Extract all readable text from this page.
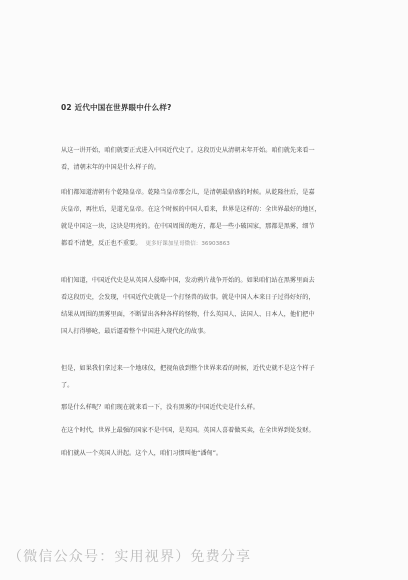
02 近代中国在世界眼中什么样?
从这一讲开始，咱们就要正式进入中国近代史了。这段历史从清朝末年开始。咱们就先来看一
看，清朝末年的中国是什么样子的。
咱们都知道清朝有个乾隆皇帝。乾隆当皇帝那会儿，是清朝最鼎盛的时候。从乾隆往后，是嘉
庆皇帝，再往后，是道光皇帝。在这个时候的中国人看来，世界是这样的：全世界最好的地区，
就是中国这一块，这块是明亮的。在中国周围的地方，都是一些小破国家，那都是黑雾，细节
都看不清楚，反正也不重要。 更多好课加星哥微信：36903863
咱们知道，中国近代史是从英国人侵略中国，发动鸦片战争开始的。如果咱们站在黑雾里面去
看这段历史，会发现，中国近代史就是一个打怪兽的故事。就是中国人本来日子过得好好的，
结果从周围的黑雾里面，不断冒出各种各样的怪物，什么英国人、法国人、日本人，他们把中
国人打得够呛，最后逼着整个中国进入现代化的故事。
但是，如果我们拿过来一个地球仪，把视角放到整个世界来看的时候，近代史就不是这个样子
了。
那是什么样呢？咱们现在就来看一下，没有黑雾的中国近代史是什么样。
在这个时代，世界上最强的国家不是中国，是英国。英国人喜着做买卖，在全世界到处发财。
咱们就从一个英国人讲起。这个人，咱们习惯叫他“潘甸”。
（微信公众号：实用视界）免费分享
